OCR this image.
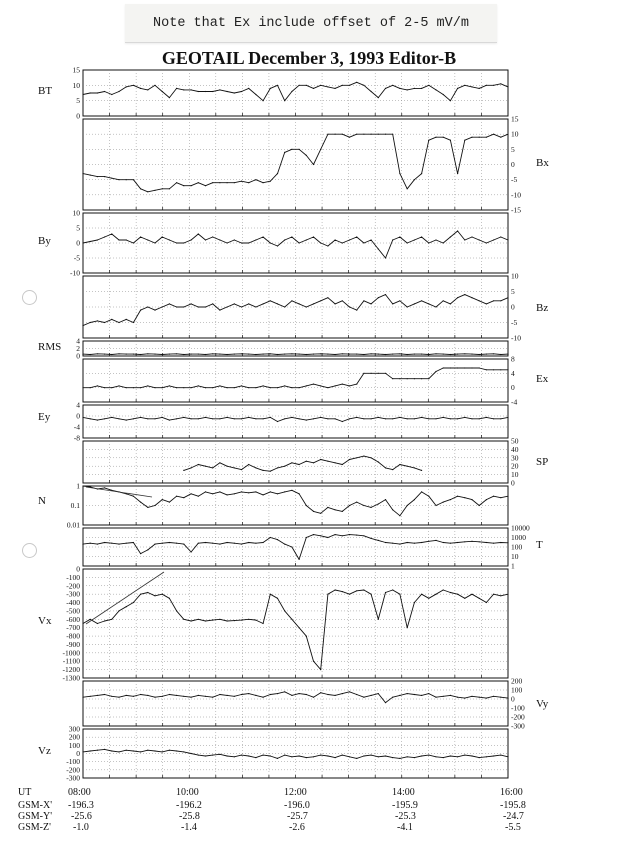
Note that Ex include offset of 2-5 mV/m
GEOTAIL December 3, 1993 Editor-B
15
10
5
0
BT
15
10
5
0
-5
-10
-15
Bx
10
5
0
-5
-10
By
10
5
0
-5
-10
Bz
4
2
0
RMS
8
4
0
-4
Ex
4
0
-4
-8
Ey
50
40
30
20
10
0
SP
1
0.1
0.01
N
10000
1000
100
10
1
T
0
-100
-200
-300
-400
-500
-600
-700
-800
-900
-1000
-1100
-1200
-1300
Vx
200
100
0
-100
-200
-300
Vy
300
200
100
0
-100
-200
-300
Vz
UT	08:00	10:00	12:00	14:00	16:00
GSM-X' -196.3	-196.2	-196.0	-195.9	-195.8
GSM-Y' -25.6	-25.8	-25.7	-25.3	-24.7
GSM-Z' -1.0	-1.4	-2.6	-4.1	-5.5
